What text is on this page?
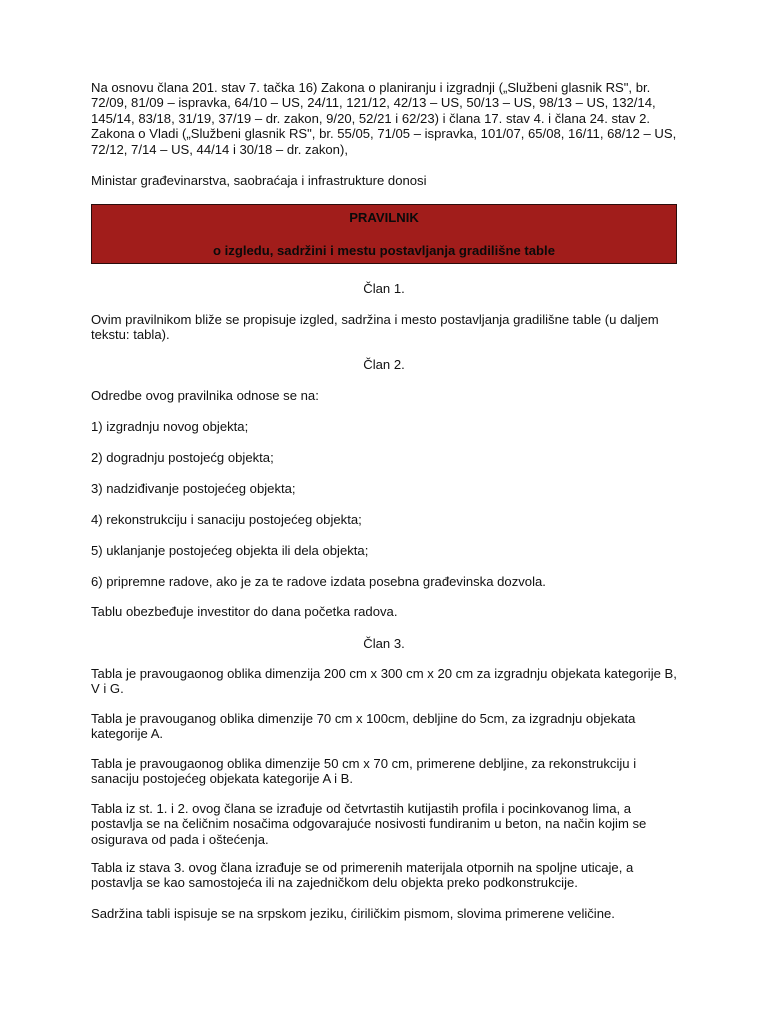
Na osnovu člana 201. stav 7. tačka 16) Zakona o planiranju i izgradnji („Službeni glasnik RS", br.
72/09, 81/09 – ispravka, 64/10 – US, 24/11, 121/12, 42/13 – US, 50/13 – US, 98/13 – US, 132/14,
145/14, 83/18, 31/19, 37/19 – dr. zakon, 9/20, 52/21 i 62/23) i člana 17. stav 4. i člana 24. stav 2.
Zakona o Vladi („Službeni glasnik RS", br. 55/05, 71/05 – ispravka, 101/07, 65/08, 16/11, 68/12 – US,
72/12, 7/14 – US, 44/14 i 30/18 – dr. zakon),
Ministar građevinarstva, saobraćaja i infrastrukture donosi
PRAVILNIK
o izgledu, sadržini i mestu postavljanja gradilišne table
Član 1.
Ovim pravilnikom bliže se propisuje izgled, sadržina i mesto postavljanja gradilišne table (u daljem
tekstu: tabla).
Član 2.
Odredbe ovog pravilnika odnose se na:
1) izgradnju novog objekta;
2) dogradnju postojećg objekta;
3) nadziđivanje postojećeg objekta;
4) rekonstrukciju i sanaciju postojećeg objekta;
5) uklanjanje postojećeg objekta ili dela objekta;
6) pripremne radove, ako je za te radove izdata posebna građevinska dozvola.
Tablu obezbeđuje investitor do dana početka radova.
Član 3.
Tabla je pravougaonog oblika dimenzija 200 cm x 300 cm x 20 cm za izgradnju objekata kategorije B,
V i G.
Tabla je pravouganog oblika dimenzije 70 cm x 100cm, debljine do 5cm, za izgradnju objekata
kategorije A.
Tabla je pravougaonog oblika dimenzije 50 cm x 70 cm, primerene debljine, za rekonstrukciju i
sanaciju postojećeg objekata kategorije A i B.
Tabla iz st. 1. i 2. ovog člana se izrađuje od četvrtastih kutijastih profila i pocinkovanog lima, a
postavlja se na čeličnim nosačima odgovarajuće nosivosti fundiranim u beton, na način kojim se
osigurava od pada i oštećenja.
Tabla iz stava 3. ovog člana izrađuje se od primerenih materijala otpornih na spoljne uticaje, a
postavlja se kao samostojeća ili na zajedničkom delu objekta preko podkonstrukcije.
Sadržina tabli ispisuje se na srpskom jeziku, ćiriličkim pismom, slovima primerene veličine.
